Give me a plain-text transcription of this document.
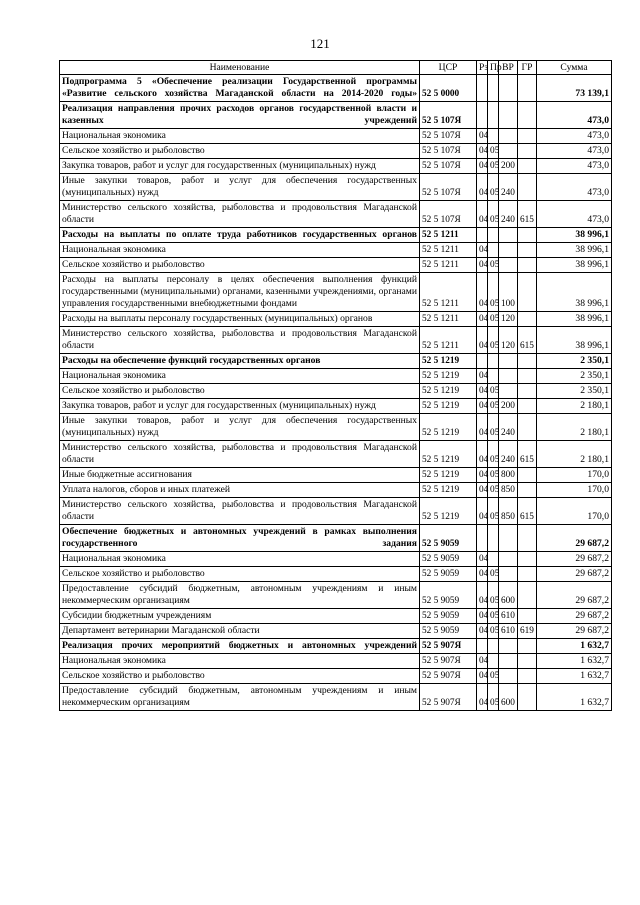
121
Наименование	ЦСР	Рз	Пр	ВР	ГР	Сумма
Подпрограмма 5 «Обеспечение реализации Государственной программы «Развитие сельского хозяйства Магаданской области на 2014-2020 годы»	52 5 0000					73 139,1
Реализация направления прочих расходов органов государственной власти и казенных учреждений	52 5 107Я					473,0
Национальная экономика	52 5 107Я	04				473,0
Сельское хозяйство и рыболовство	52 5 107Я	04	05			473,0
Закупка товаров, работ и услуг для государственных (муниципальных) нужд	52 5 107Я	04	05	200		473,0
Иные закупки товаров, работ и услуг для обеспечения государственных (муниципальных) нужд	52 5 107Я	04	05	240		473,0
Министерство сельского хозяйства, рыболовства и продовольствия Магаданской области	52 5 107Я	04	05	240	615	473,0
Расходы на выплаты по оплате труда работников государственных органов	52 5 1211					38 996,1
Национальная экономика	52 5 1211	04				38 996,1
Сельское хозяйство и рыболовство	52 5 1211	04	05			38 996,1
Расходы на выплаты персоналу в целях обеспечения выполнения функций государственными (муниципальными) органами, казенными учреждениями, органами управления государственными внебюджетными фондами	52 5 1211	04	05	100		38 996,1
Расходы на выплаты персоналу государственных (муниципальных) органов	52 5 1211	04	05	120		38 996,1
Министерство сельского хозяйства, рыболовства и продовольствия Магаданской области	52 5 1211	04	05	120	615	38 996,1
Расходы на обеспечение функций государственных органов	52 5 1219					2 350,1
Национальная экономика	52 5 1219	04				2 350,1
Сельское хозяйство и рыболовство	52 5 1219	04	05			2 350,1
Закупка товаров, работ и услуг для государственных (муниципальных) нужд	52 5 1219	04	05	200		2 180,1
Иные закупки товаров, работ и услуг для обеспечения государственных (муниципальных) нужд	52 5 1219	04	05	240		2 180,1
Министерство сельского хозяйства, рыболовства и продовольствия Магаданской области	52 5 1219	04	05	240	615	2 180,1
Иные бюджетные ассигнования	52 5 1219	04	05	800		170,0
Уплата налогов, сборов и иных платежей	52 5 1219	04	05	850		170,0
Министерство сельского хозяйства, рыболовства и продовольствия Магаданской области	52 5 1219	04	05	850	615	170,0
Обеспечение бюджетных и автономных учреждений в рамках выполнения государственного задания	52 5 9059					29 687,2
Национальная экономика	52 5 9059	04				29 687,2
Сельское хозяйство и рыболовство	52 5 9059	04	05			29 687,2
Предоставление субсидий бюджетным, автономным учреждениям и иным некоммерческим организациям	52 5 9059	04	05	600		29 687,2
Субсидии бюджетным учреждениям	52 5 9059	04	05	610		29 687,2
Департамент ветеринарии Магаданской области	52 5 9059	04	05	610	619	29 687,2
Реализация прочих мероприятий бюджетных и автономных учреждений	52 5 907Я					1 632,7
Национальная экономика	52 5 907Я	04				1 632,7
Сельское хозяйство и рыболовство	52 5 907Я	04	05			1 632,7
Предоставление субсидий бюджетным, автономным учреждениям и иным некоммерческим организациям	52 5 907Я	04	05	600		1 632,7
